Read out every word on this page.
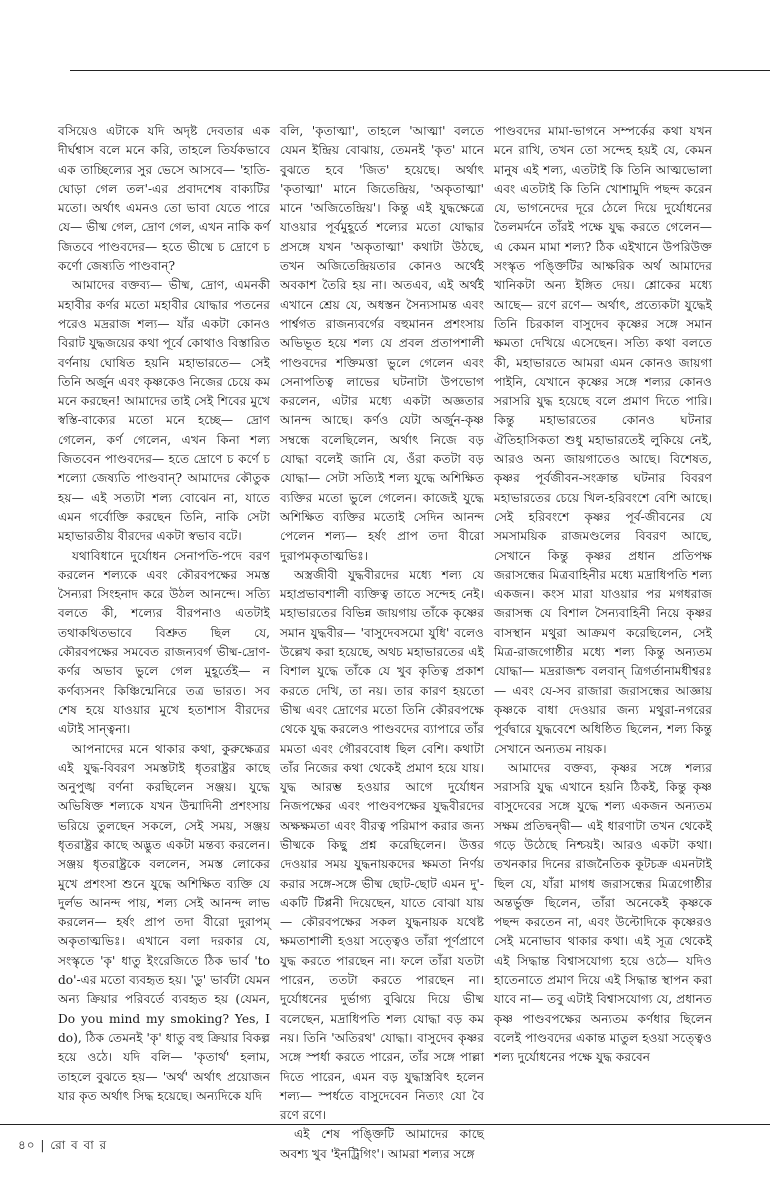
বসিয়েও এটাকে যদি অদৃষ্ট দেবতার এক দীর্ঘশ্বাস বলে মনে করি, তাহলে তির্যকভাবে এক তাচ্ছিল্যের সুর ভেসে আসবে— 'হাতি-ঘোড়া গেল তল'-এর প্রবাদশেষ বাক্যটির মতো। অর্থাৎ এমনও তো ভাবা যেতে পারে যে— ভীষ্ম গেল, দ্রোণ গেল, এখন নাকি কর্ণ জিতবে পাণ্ডবদের— হতে ভীষ্মে চ দ্রোণে চ কর্ণো জেষ্যতি পাণ্ডবান্?

আমাদের বক্তব্য— ভীষ্ম, দ্রোণ, এমনকী মহাবীর কর্ণর মতো মহাবীর যোদ্ধার পতনের পরেও মদ্ররাজ শল্য— যাঁর একটা কোনও বিরাট যুদ্ধজয়ের কথা পূর্বে কোথাও বিস্তারিত বর্ণনায় ঘোষিত হয়নি মহাভারতে— সেই তিনি অর্জুন এবং কৃষ্ণকেও নিজের চেয়ে কম মনে করছেন! আমাদের তাই সেই শিবের মুখে স্বস্তি-বাক্যের মতো মনে হচ্ছে— দ্রোণ গেলেন, কর্ণ গেলেন, এখন কিনা শল্য জিতবেন পাণ্ডবদের— হতে দ্রোণে চ কর্ণে চ শল্যো জেষ্যতি পাণ্ডবান্? আমাদের কৌতুক হয়— এই সত্যটা শল্য বোঝেন না, যাতে এমন গর্বোক্তি করছেন তিনি, নাকি সেটা মহাভারতীয় বীরদের একটা স্বভাব বটে।

যথাবিধানে দুর্যোধন সেনাপতি-পদে বরণ করলেন শল্যকে এবং কৌরবপক্ষের সমস্ত সৈন্যরা সিংহনাদ করে উঠল আনন্দে। সত্যি বলতে কী, শল্যের বীরপনাও এতটাই তথাকথিতভাবে বিশ্রুত ছিল যে, কৌরবপক্ষের সমবেত রাজন্যবর্গ ভীষ্ম-দ্রোণ-কর্ণর অভাব ভুলে গেল মুহূর্তেই— ন কর্ণব্যসনং কিঞ্চিন্মেনিরে তত্র ভারত। সব শেষ হয়ে যাওয়ার মুখে হতাশাস বীরদের এটাই সান্ত্বনা।

আপনাদের মনে থাকার কথা, কুরুক্ষেত্রর এই যুদ্ধ-বিবরণ সমস্তটাই ধৃতরাষ্ট্রর কাছে অনুপুঙ্খ বর্ণনা করছিলেন সঞ্জয়। যুদ্ধে অভিষিক্ত শল্যকে যখন উন্মাদিনী প্রশংসায় ভরিয়ে তুলছেন সকলে, সেই সময়, সঞ্জয় ধৃতরাষ্ট্রর কাছে অদ্ভুত একটা মন্তব্য করলেন। সঞ্জয় ধৃতরাষ্ট্রকে বললেন, সমস্ত লোকের মুখে প্রশংসা শুনে যুদ্ধে অশিক্ষিত ব্যক্তি যে দুর্লভ আনন্দ পায়, শল্য সেই আনন্দ লাভ করলেন— হর্ষং প্রাপ তদা বীরো দুরাপম্ অকৃতাত্মভিঃ। এখানে বলা দরকার যে, সংস্কৃতে 'কৃ' ধাতু ইংরেজিতে ঠিক ভার্ব 'to do'-এর মতো ব্যবহৃত হয়। 'ডু' ভার্বটা যেমন অন্য ক্রিয়ার পরিবর্তে ব্যবহৃত হয় (যেমন, Do you mind my smoking? Yes, I do), ঠিক তেমনই 'কৃ' ধাতু বহু ক্রিয়ার বিকল্প হয়ে ওঠে। যদি বলি— 'কৃতার্থ' হলাম, তাহলে বুঝতে হয়— 'অর্থ' অর্থাৎ প্রয়োজন যার কৃত অর্থাৎ সিদ্ধ হয়েছে। অন্যদিকে যদি

বলি, 'কৃতাত্মা', তাহলে 'আত্মা' বলতে যেমন ইন্দ্রিয় বোঝায়, তেমনই 'কৃত' মানে বুঝতে হবে 'জিত' হয়েছে। অর্থাৎ 'কৃতাত্মা' মানে জিতেন্দ্রিয়, 'অকৃতাত্মা' মানে 'অজিতেন্দ্রিয়'। কিন্তু এই যুদ্ধক্ষেত্রে যাওয়ার পূর্বমুহূর্তে শল্যের মতো যোদ্ধার প্রসঙ্গে যখন 'অকৃতাত্মা' কথাটা উঠছে, তখন অজিতেন্দ্রিয়তার কোনও অর্থেই অবকাশ তৈরি হয় না। অতএব, এই অর্থই এখানে শ্রেয় যে, অধস্তন সৈন্যসামন্ত এবং পার্শ্বগত রাজন্যবর্গের বহুমানন প্রশংসায় অভিভূত হয়ে শল্য যে প্রবল প্রতাপশালী পাণ্ডবদের শক্তিমত্তা ভুলে গেলেন এবং সেনাপতিত্ব লাভের ঘটনাটা উপভোগ করলেন, এটার মধ্যে একটা অজ্ঞতার আনন্দ আছে। কর্ণও যেটা অর্জুন-কৃষ্ণ সম্বন্ধে বলেছিলেন, অর্থাৎ নিজে বড় যোদ্ধা বলেই জানি যে, ওঁরা কতটা বড় যোদ্ধা— সেটা সত্যিই শল্য যুদ্ধে অশিক্ষিত ব্যক্তির মতো ভুলে গেলেন। কাজেই যুদ্ধে অশিক্ষিত ব্যক্তির মতোই সেদিন আনন্দ পেলেন শল্য— হর্ষং প্রাপ তদা বীরো দুরাপমকৃতাত্মভিঃ।

অস্ত্রজীবী যুদ্ধবীরদের মধ্যে শল্য যে মহাপ্রভাবশালী ব্যক্তিত্ব তাতে সন্দেহ নেই। মহাভারতের বিভিন্ন জায়গায় তাঁকে কৃষ্ণের সমান যুদ্ধবীর— 'বাসুদেবসমো যুধি' বলেও উল্লেখ করা হয়েছে, অথচ মহাভারতের এই বিশাল যুদ্ধে তাঁকে যে খুব কৃতিত্ব প্রকাশ করতে দেখি, তা নয়। তার কারণ হয়তো ভীষ্ম এবং দ্রোণের মতো তিনি কৌরবপক্ষে থেকে যুদ্ধ করলেও পাণ্ডবদের ব্যাপারে তাঁর মমতা এবং গৌরববোধ ছিল বেশি। কথাটা তাঁর নিজের কথা থেকেই প্রমাণ হয়ে যায়। যুদ্ধ আরম্ভ হওয়ার আগে দুর্যোধন নিজপক্ষের এবং পাণ্ডবপক্ষের যুদ্ধবীরদের অক্ষক্ষমতা এবং বীরত্ব পরিমাপ করার জন্য ভীষ্মকে কিছু প্রশ্ন করেছিলেন। উত্তর দেওয়ার সময় যুদ্ধনায়কদের ক্ষমতা নির্ণয় করার সঙ্গে-সঙ্গে ভীষ্ম ছোট-ছোট এমন দু'-একটি টিপ্পনী দিয়েছেন, যাতে বোঝা যায়— কৌরবপক্ষের সকল যুদ্ধনায়ক যথেষ্ট ক্ষমতাশালী হওয়া সত্ত্বেও তাঁরা পূর্ণপ্রাণে যুদ্ধ করতে পারছেন না। ফলে তাঁরা যতটা পারেন, ততটা করতে পারছেন না। দুর্যোধনের দুর্ভাগ্য বুঝিয়ে দিয়ে ভীষ্ম বলেছেন, মদ্রাধিপতি শল্য যোদ্ধা বড় কম নয়। তিনি 'অতিরথ' যোদ্ধা। বাসুদেব কৃষ্ণর সঙ্গে স্পর্ধা করতে পারেন, তাঁর সঙ্গে পাল্লা দিতে পারেন, এমন বড় যুদ্ধাস্ত্রবিৎ হলেন শল্য— স্পর্ধতে বাসুদেবেন নিত্যং যো বৈ রণে রণে।

এই শেষ পঙ্ক্তিটি আমাদের কাছে অবশ্য খুব 'ইনট্রিগিং'। আমরা শল্যর সঙ্গে

পাণ্ডবদের মামা-ভাগনে সম্পর্কের কথা যখন মনে রাখি, তখন তো সন্দেহ হয়ই যে, কেমন মানুষ এই শল্য, এতটাই কি তিনি আত্মভোলা এবং এতটাই কি তিনি খোশামুদি পছন্দ করেন যে, ভাগনেদের দূরে ঠেলে দিয়ে দুর্যোধনের তৈলমর্দনে তাঁরই পক্ষে যুদ্ধ করতে গেলেন— এ কেমন মামা শল্য? ঠিক এইখানে উপরিউক্ত সংস্কৃত পঙ্ক্তিটির আক্ষরিক অর্থ আমাদের খানিকটা অন্য ইঙ্গিত দেয়। শ্লোকের মধ্যে আছে— রণে রণে— অর্থাৎ, প্রত্যেকটা যুদ্ধেই তিনি চিরকাল বাসুদেব কৃষ্ণের সঙ্গে সমান ক্ষমতা দেখিয়ে এসেছেন। সত্যি কথা বলতে কী, মহাভারতে আমরা এমন কোনও জায়গা পাইনি, যেখানে কৃষ্ণের সঙ্গে শল্যর কোনও সরাসরি যুদ্ধ হয়েছে বলে প্রমাণ দিতে পারি। কিন্তু মহাভারতের কোনও ঘটনার ঐতিহাসিকতা শুধু মহাভারতেই লুকিয়ে নেই, আরও অন্য জায়গাতেও আছে। বিশেষত, কৃষ্ণর পূর্বজীবন-সংক্রান্ত ঘটনার বিবরণ মহাভারতের চেয়ে খিল-হরিবংশে বেশি আছে। সেই হরিবংশে কৃষ্ণর পূর্ব-জীবনের যে সমসাময়িক রাজমণ্ডলের বিবরণ আছে, সেখানে কিন্তু কৃষ্ণর প্রধান প্রতিপক্ষ জরাসন্ধের মিত্রবাহিনীর মধ্যে মদ্রাধিপতি শল্য একজন। কংস মারা যাওয়ার পর মগধরাজ জরাসন্ধ যে বিশাল সৈন্যবাহিনী নিয়ে কৃষ্ণর বাসস্থান মথুরা আক্রমণ করেছিলেন, সেই মিত্র-রাজগোষ্ঠীর মধ্যে শল্য কিন্তু অন্যতম যোদ্ধা— মদ্ররাজশ্চ বলবান্ ত্রিগর্তানামধীশ্বরঃ— এবং যে-সব রাজারা জরাসন্ধের আজ্ঞায় কৃষ্ণকে বাধা দেওয়ার জন্য মথুরা-নগরের পূর্বদ্বারে যুদ্ধবেশে অধিষ্ঠিত ছিলেন, শল্য কিন্তু সেখানে অন্যতম নায়ক।

আমাদের বক্তব্য, কৃষ্ণর সঙ্গে শল্যর সরাসরি যুদ্ধ এখানে হয়নি ঠিকই, কিন্তু কৃষ্ণ বাসুদেবের সঙ্গে যুদ্ধে শল্য একজন অন্যতম সক্ষম প্রতিদ্বন্দ্বী— এই ধারণাটা তখন থেকেই গড়ে উঠেছে নিশ্চয়ই। আরও একটা কথা। তখনকার দিনের রাজনৈতিক কূটচক্র এমনটাই ছিল যে, যাঁরা মাগধ জরাসন্ধের মিত্রগোষ্ঠীর অন্তর্ভুক্ত ছিলেন, তাঁরা অনেকেই কৃষ্ণকে পছন্দ করতেন না, এবং উল্টোদিকে কৃষ্ণেরও সেই মনোভাব থাকার কথা। এই সূত্র থেকেই এই সিদ্ধান্ত বিশ্বাসযোগ্য হয়ে ওঠে— যদিও হাতেনাতে প্রমাণ দিয়ে এই সিদ্ধান্ত স্থাপন করা যাবে না— তবু এটাই বিশ্বাসযোগ্য যে, প্রধানত কৃষ্ণ পাণ্ডবপক্ষের অন্যতম কর্ণধার ছিলেন বলেই পাণ্ডবদের একান্ত মাতুল হওয়া সত্ত্বেও শল্য দুর্যোধনের পক্ষে যুদ্ধ করবেন

৪০ | রো ব বা র
